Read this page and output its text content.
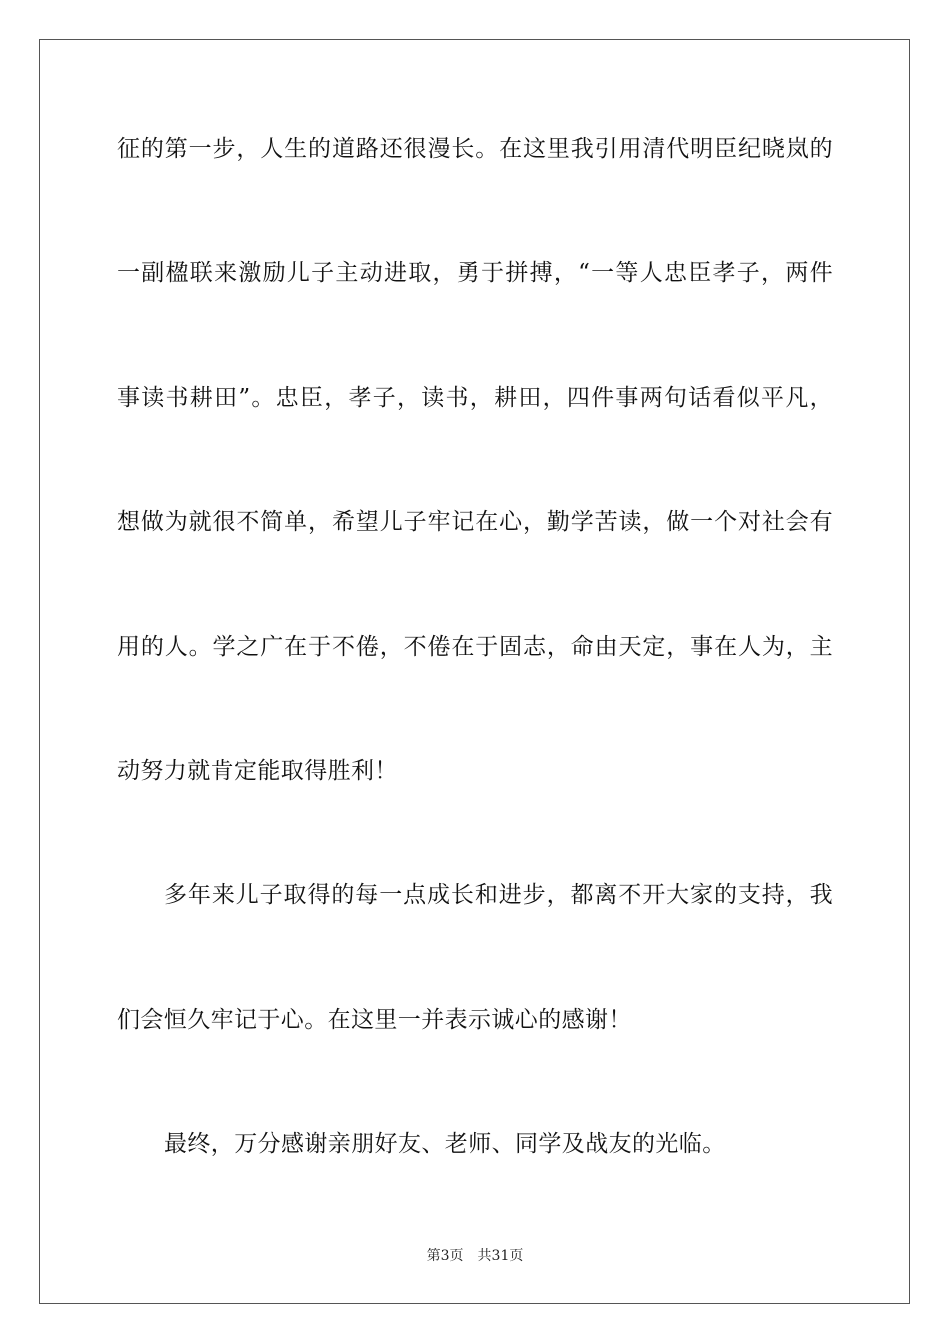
征的第一步，人生的道路还很漫长。在这里我引用清代明臣纪晓岚的
一副楹联来激励儿子主动进取，勇于拼搏，“一等人忠臣孝子，两件
事读书耕田”。忠臣，孝子，读书，耕田，四件事两句话看似平凡，
想做为就很不简单，希望儿子牢记在心，勤学苦读，做一个对社会有
用的人。学之广在于不倦，不倦在于固志，命由天定，事在人为，主
动努力就肯定能取得胜利！
多年来儿子取得的每一点成长和进步，都离不开大家的支持，我
们会恒久牢记于心。在这里一并表示诚心的感谢！
最终，万分感谢亲朋好友、老师、同学及战友的光临。
第3页 共31页
